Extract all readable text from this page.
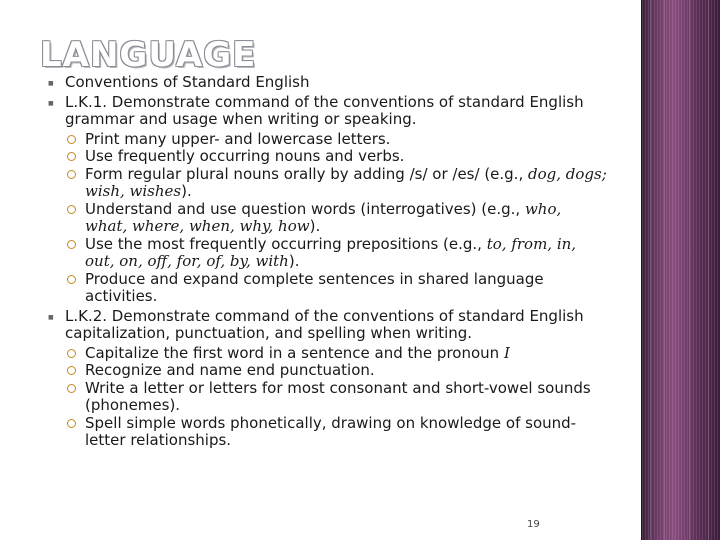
LANGUAGE
■ Conventions of Standard English
■ L.K.1. Demonstrate command of the conventions of standard English grammar and usage when writing or speaking.
Print many upper- and lowercase letters.
Use frequently occurring nouns and verbs.
Form regular plural nouns orally by adding /s/ or /es/ (e.g., dog, dogs; wish, wishes).
Understand and use question words (interrogatives) (e.g., who, what, where, when, why, how).
Use the most frequently occurring prepositions (e.g., to, from, in, out, on, off, for, of, by, with).
Produce and expand complete sentences in shared language activities.
■ L.K.2. Demonstrate command of the conventions of standard English capitalization, punctuation, and spelling when writing.
Capitalize the first word in a sentence and the pronoun I
Recognize and name end punctuation.
Write a letter or letters for most consonant and short-vowel sounds (phonemes).
Spell simple words phonetically, drawing on knowledge of sound-letter relationships.
19
